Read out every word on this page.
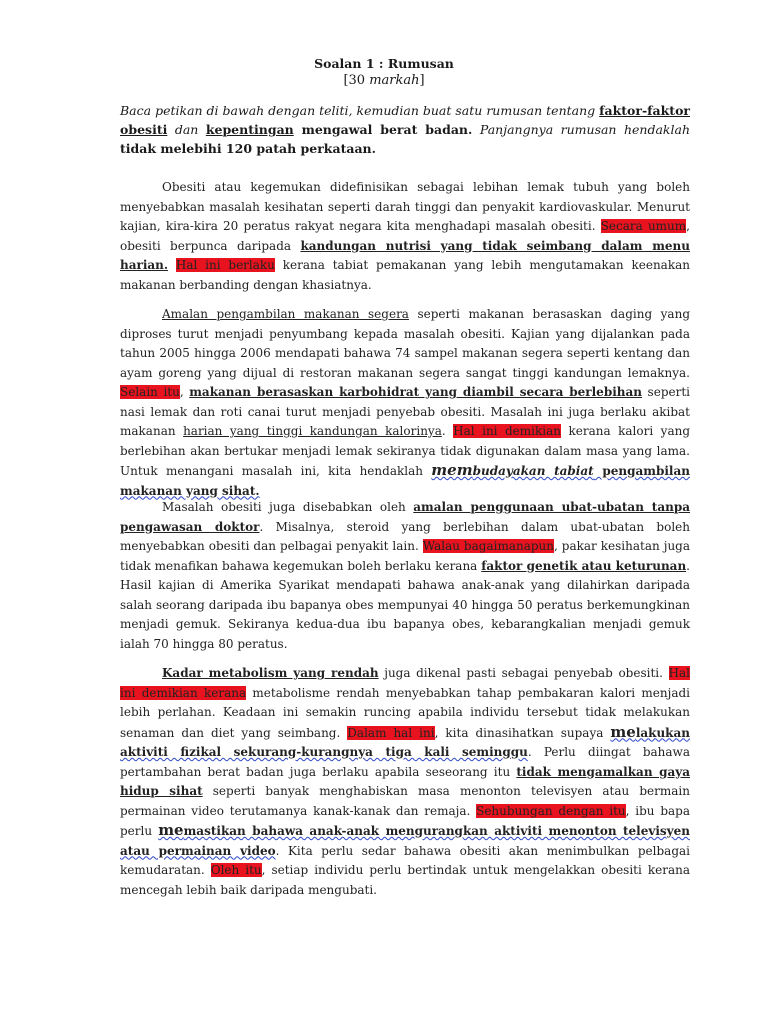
Soalan 1 : Rumusan
[30 markah]
Baca petikan di bawah dengan teliti, kemudian buat satu rumusan tentang faktor-faktor obesiti dan kepentingan mengawal berat badan. Panjangnya rumusan hendaklah tidak melebihi 120 patah perkataan.
Obesiti atau kegemukan didefinisikan sebagai lebihan lemak tubuh yang boleh menyebabkan masalah kesihatan seperti darah tinggi dan penyakit kardiovaskular. Menurut kajian, kira-kira 20 peratus rakyat negara kita menghadapi masalah obesiti. Secara umum, obesiti berpunca daripada kandungan nutrisi yang tidak seimbang dalam menu harian. Hal ini berlaku kerana tabiat pemakanan yang lebih mengutamakan keenakan makanan berbanding dengan khasiatnya.
Amalan pengambilan makanan segera seperti makanan berasaskan daging yang diproses turut menjadi penyumbang kepada masalah obesiti. Kajian yang dijalankan pada tahun 2005 hingga 2006 mendapati bahawa 74 sampel makanan segera seperti kentang dan ayam goreng yang dijual di restoran makanan segera sangat tinggi kandungan lemaknya. Selain itu, makanan berasaskan karbohidrat yang diambil secara berlebihan seperti nasi lemak dan roti canai turut menjadi penyebab obesiti. Masalah ini juga berlaku akibat makanan harian yang tinggi kandungan kalorinya. Hal ini demikian kerana kalori yang berlebihan akan bertukar menjadi lemak sekiranya tidak digunakan dalam masa yang lama. Untuk menangani masalah ini, kita hendaklah membudayakan tabiat pengambilan makanan yang sihat.
Masalah obesiti juga disebabkan oleh amalan penggunaan ubat-ubatan tanpa pengawasan doktor. Misalnya, steroid yang berlebihan dalam ubat-ubatan boleh menyebabkan obesiti dan pelbagai penyakit lain. Walau bagaimanapun, pakar kesihatan juga tidak menafikan bahawa kegemukan boleh berlaku kerana faktor genetik atau keturunan. Hasil kajian di Amerika Syarikat mendapati bahawa anak-anak yang dilahirkan daripada salah seorang daripada ibu bapanya obes mempunyai 40 hingga 50 peratus berkemungkinan menjadi gemuk. Sekiranya kedua-dua ibu bapanya obes, kebarangkalian menjadi gemuk ialah 70 hingga 80 peratus.
Kadar metabolism yang rendah juga dikenal pasti sebagai penyebab obesiti. Hal ini demikian kerana metabolisme rendah menyebabkan tahap pembakaran kalori menjadi lebih perlahan. Keadaan ini semakin runcing apabila individu tersebut tidak melakukan senaman dan diet yang seimbang. Dalam hal ini, kita dinasihatkan supaya melakukan aktiviti fizikal sekurang-kurangnya tiga kali seminggu. Perlu diingat bahawa pertambahan berat badan juga berlaku apabila seseorang itu tidak mengamalkan gaya hidup sihat seperti banyak menghabiskan masa menonton televisyen atau bermain permainan video terutamanya kanak-kanak dan remaja. Sehubungan dengan itu, ibu bapa perlu memastikan bahawa anak-anak mengurangkan aktiviti menonton televisyen atau permainan video. Kita perlu sedar bahawa obesiti akan menimbulkan pelbagai kemudaratan. Oleh itu, setiap individu perlu bertindak untuk mengelakkan obesiti kerana mencegah lebih baik daripada mengubati.
